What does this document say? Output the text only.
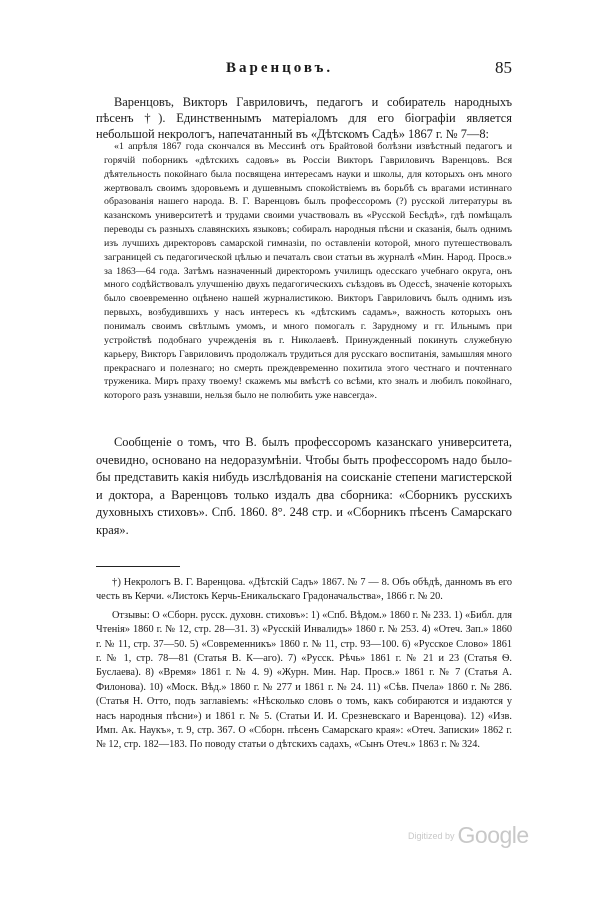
Варенцовъ.	85

Варенцовъ, Викторъ Гавриловичъ, педагогъ и собиратель народныхъ пѣсенъ †). Единственнымъ матеріаломъ для его біографіи является небольшой некрологъ, напечатанный въ «Дѣтскомъ Садѣ» 1867 г. № 7—8:

«1 апрѣля 1867 года скончался въ Мессинѣ отъ Брайтовой болѣзни извѣстный педагогъ и горячій поборникъ «дѣтскихъ садовъ» въ Россіи Викторъ Гавриловичъ Варенцовъ. Вся дѣятельность покойнаго была посвящена интересамъ науки и школы, для которыхъ онъ много жертвовалъ своимъ здоровьемъ и душевнымъ спокойствіемъ въ борьбѣ съ врагами истиннаго образованія нашего народа. В. Г. Варенцовъ былъ профессоромъ (?) русской литературы въ казанскомъ университетѣ и трудами своими участвовалъ въ «Русской Бесѣдѣ», гдѣ помѣщалъ переводы съ разныхъ славянскихъ языковъ; собиралъ народныя пѣсни и сказанія, былъ однимъ изъ лучшихъ директоровъ самарской гимназіи, по оставленіи которой, много путешествовалъ заграницей съ педагогической цѣлью и печаталъ свои статьи въ журналѣ «Мин. Народ. Просв.» за 1863—64 года. Затѣмъ назначенный директоромъ училищъ одесскаго учебнаго округа, онъ много содѣйствовалъ улучшенію двухъ педагогическихъ съѣздовъ въ Одессѣ, значеніе которыхъ было своевременно оцѣнено нашей журналистикою. Викторъ Гавриловичъ былъ однимъ изъ первыхъ, возбудившихъ у насъ интересъ къ «дѣтскимъ садамъ», важность которыхъ онъ понималъ своимъ свѣтлымъ умомъ, и много помогалъ г. Зарудному и гг. Ильнымъ при устройствѣ подобнаго учрежденія въ г. Николаевѣ. Принужденный покинуть служебную карьеру, Викторъ Гавриловичъ продолжалъ трудиться для русскаго воспитанія, замышляя много прекраснаго и полезнаго; но смерть преждевременно похитила этого честнаго и почтеннаго труженика. Миръ праху твоему! скажемъ мы вмѣстѣ со всѣми, кто зналъ и любилъ покойнаго, которого разъ узнавши, нельзя было не полюбить уже навсегда».

Сообщеніе о томъ, что В. былъ профессоромъ казанскаго университета, очевидно, основано на недоразумѣніи. Чтобы быть профессоромъ надо было-бы представить какія нибудь изслѣдованія на соисканіе степени магистерской и доктора, а Варенцовъ только издалъ два сборника: «Сборникъ русскихъ духовныхъ стиховъ». Спб. 1860. 8°. 248 стр. и «Сборникъ пѣсенъ Самарскаго края».

†) Некрологъ В. Г. Варенцова. «Дѣтскій Садъ» 1867. № 7 — 8. Объ обѣдѣ, данномъ въ его честь въ Керчи. «Листокъ Керчь-Еникальскаго Градоначальства», 1866 г. № 20.

Отзывы: О «Сборн. русск. духовн. стиховъ»: 1) «Спб. Вѣдом.» 1860 г. № 233. 1) «Библ. для Чтенія» 1860 г. № 12, стр. 28—31. 3) «Русскій Инвалидъ» 1860 г. № 253. 4) «Отеч. Зап.» 1860 г. № 11, стр. 37—50. 5) «Современникъ» 1860 г. № 11, стр. 93—100. 6) «Русское Слово» 1861 г. № 1, стр. 78—81 (Статья В. К—аго). 7) «Русск. Рѣчь» 1861 г. № 21 и 23 (Статья Ѳ. Буслаева). 8) «Время» 1861 г. № 4. 9) «Журн. Мин. Нар. Просв.» 1861 г. № 7 (Статья А. Филонова). 10) «Моск. Вѣд.» 1860 г. № 277 и 1861 г. № 24. 11) «Сѣв. Пчела» 1860 г. № 286. (Статья Н. Отто, подъ заглавіемъ: «Нѣсколько словъ о томъ, какъ собираются и издаются у насъ народныя пѣсни») и 1861 г. № 5. (Статьи И. И. Срезневскаго и Варенцова). 12) «Изв. Имп. Ак. Наукъ», т. 9, стр. 367. О «Сборн. пѣсенъ Самарскаго края»: «Отеч. Записки» 1862 г. № 12, стр. 182—183. По поводу статьи о дѣтскихъ садахъ, «Сынъ Отеч.» 1863 г. № 324.

Digitized by Google
